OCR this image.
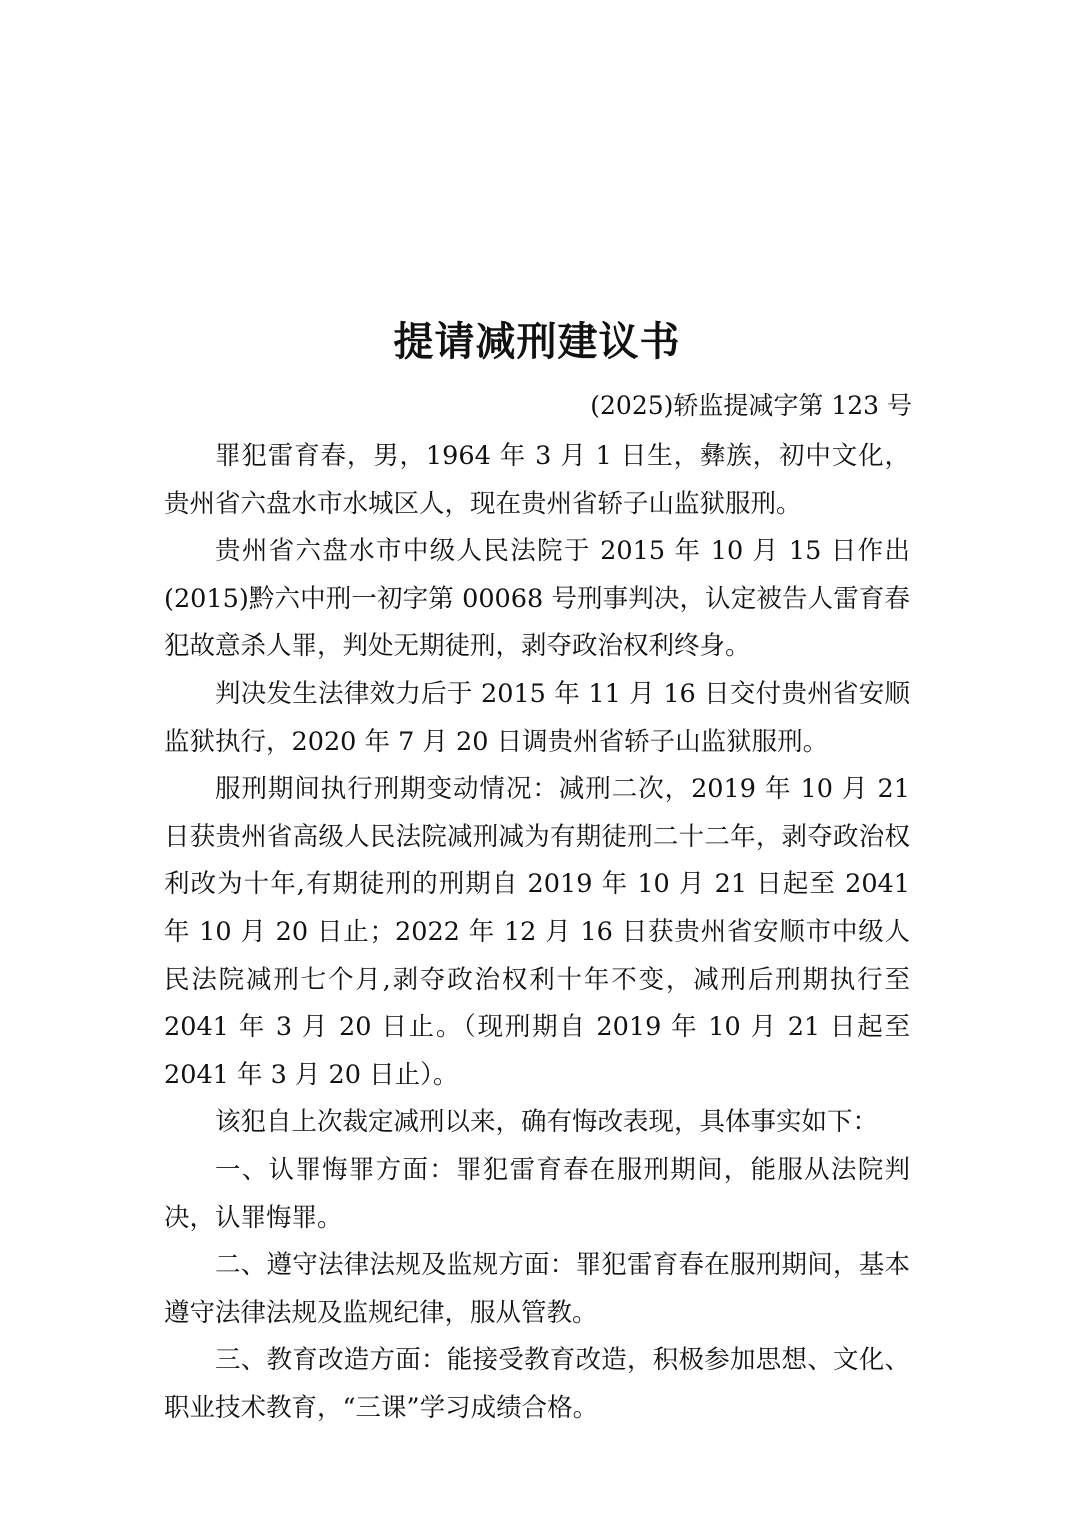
提请减刑建议书
(2025)轿监提减字第 123 号

罪犯雷育春，男，1964 年 3 月 1 日生，彝族，初中文化，贵州省六盘水市水城区人，现在贵州省轿子山监狱服刑。

贵州省六盘水市中级人民法院于 2015 年 10 月 15 日作出(2015)黔六中刑一初字第 00068 号刑事判决，认定被告人雷育春犯故意杀人罪，判处无期徒刑，剥夺政治权利终身。

判决发生法律效力后于 2015 年 11 月 16 日交付贵州省安顺监狱执行，2020 年 7 月 20 日调贵州省轿子山监狱服刑。

服刑期间执行刑期变动情况：减刑二次，2019 年 10 月 21 日获贵州省高级人民法院减刑减为有期徒刑二十二年，剥夺政治权利改为十年,有期徒刑的刑期自 2019 年 10 月 21 日起至 2041 年 10 月 20 日止；2022 年 12 月 16 日获贵州省安顺市中级人民法院减刑七个月,剥夺政治权利十年不变，减刑后刑期执行至 2041 年 3 月 20 日止。（现刑期自 2019 年 10 月 21 日起至 2041 年 3 月 20 日止）。

该犯自上次裁定减刑以来，确有悔改表现，具体事实如下：

一、认罪悔罪方面：罪犯雷育春在服刑期间，能服从法院判决，认罪悔罪。

二、遵守法律法规及监规方面：罪犯雷育春在服刑期间，基本遵守法律法规及监规纪律，服从管教。

三、教育改造方面：能接受教育改造，积极参加思想、文化、职业技术教育，“三课”学习成绩合格。
